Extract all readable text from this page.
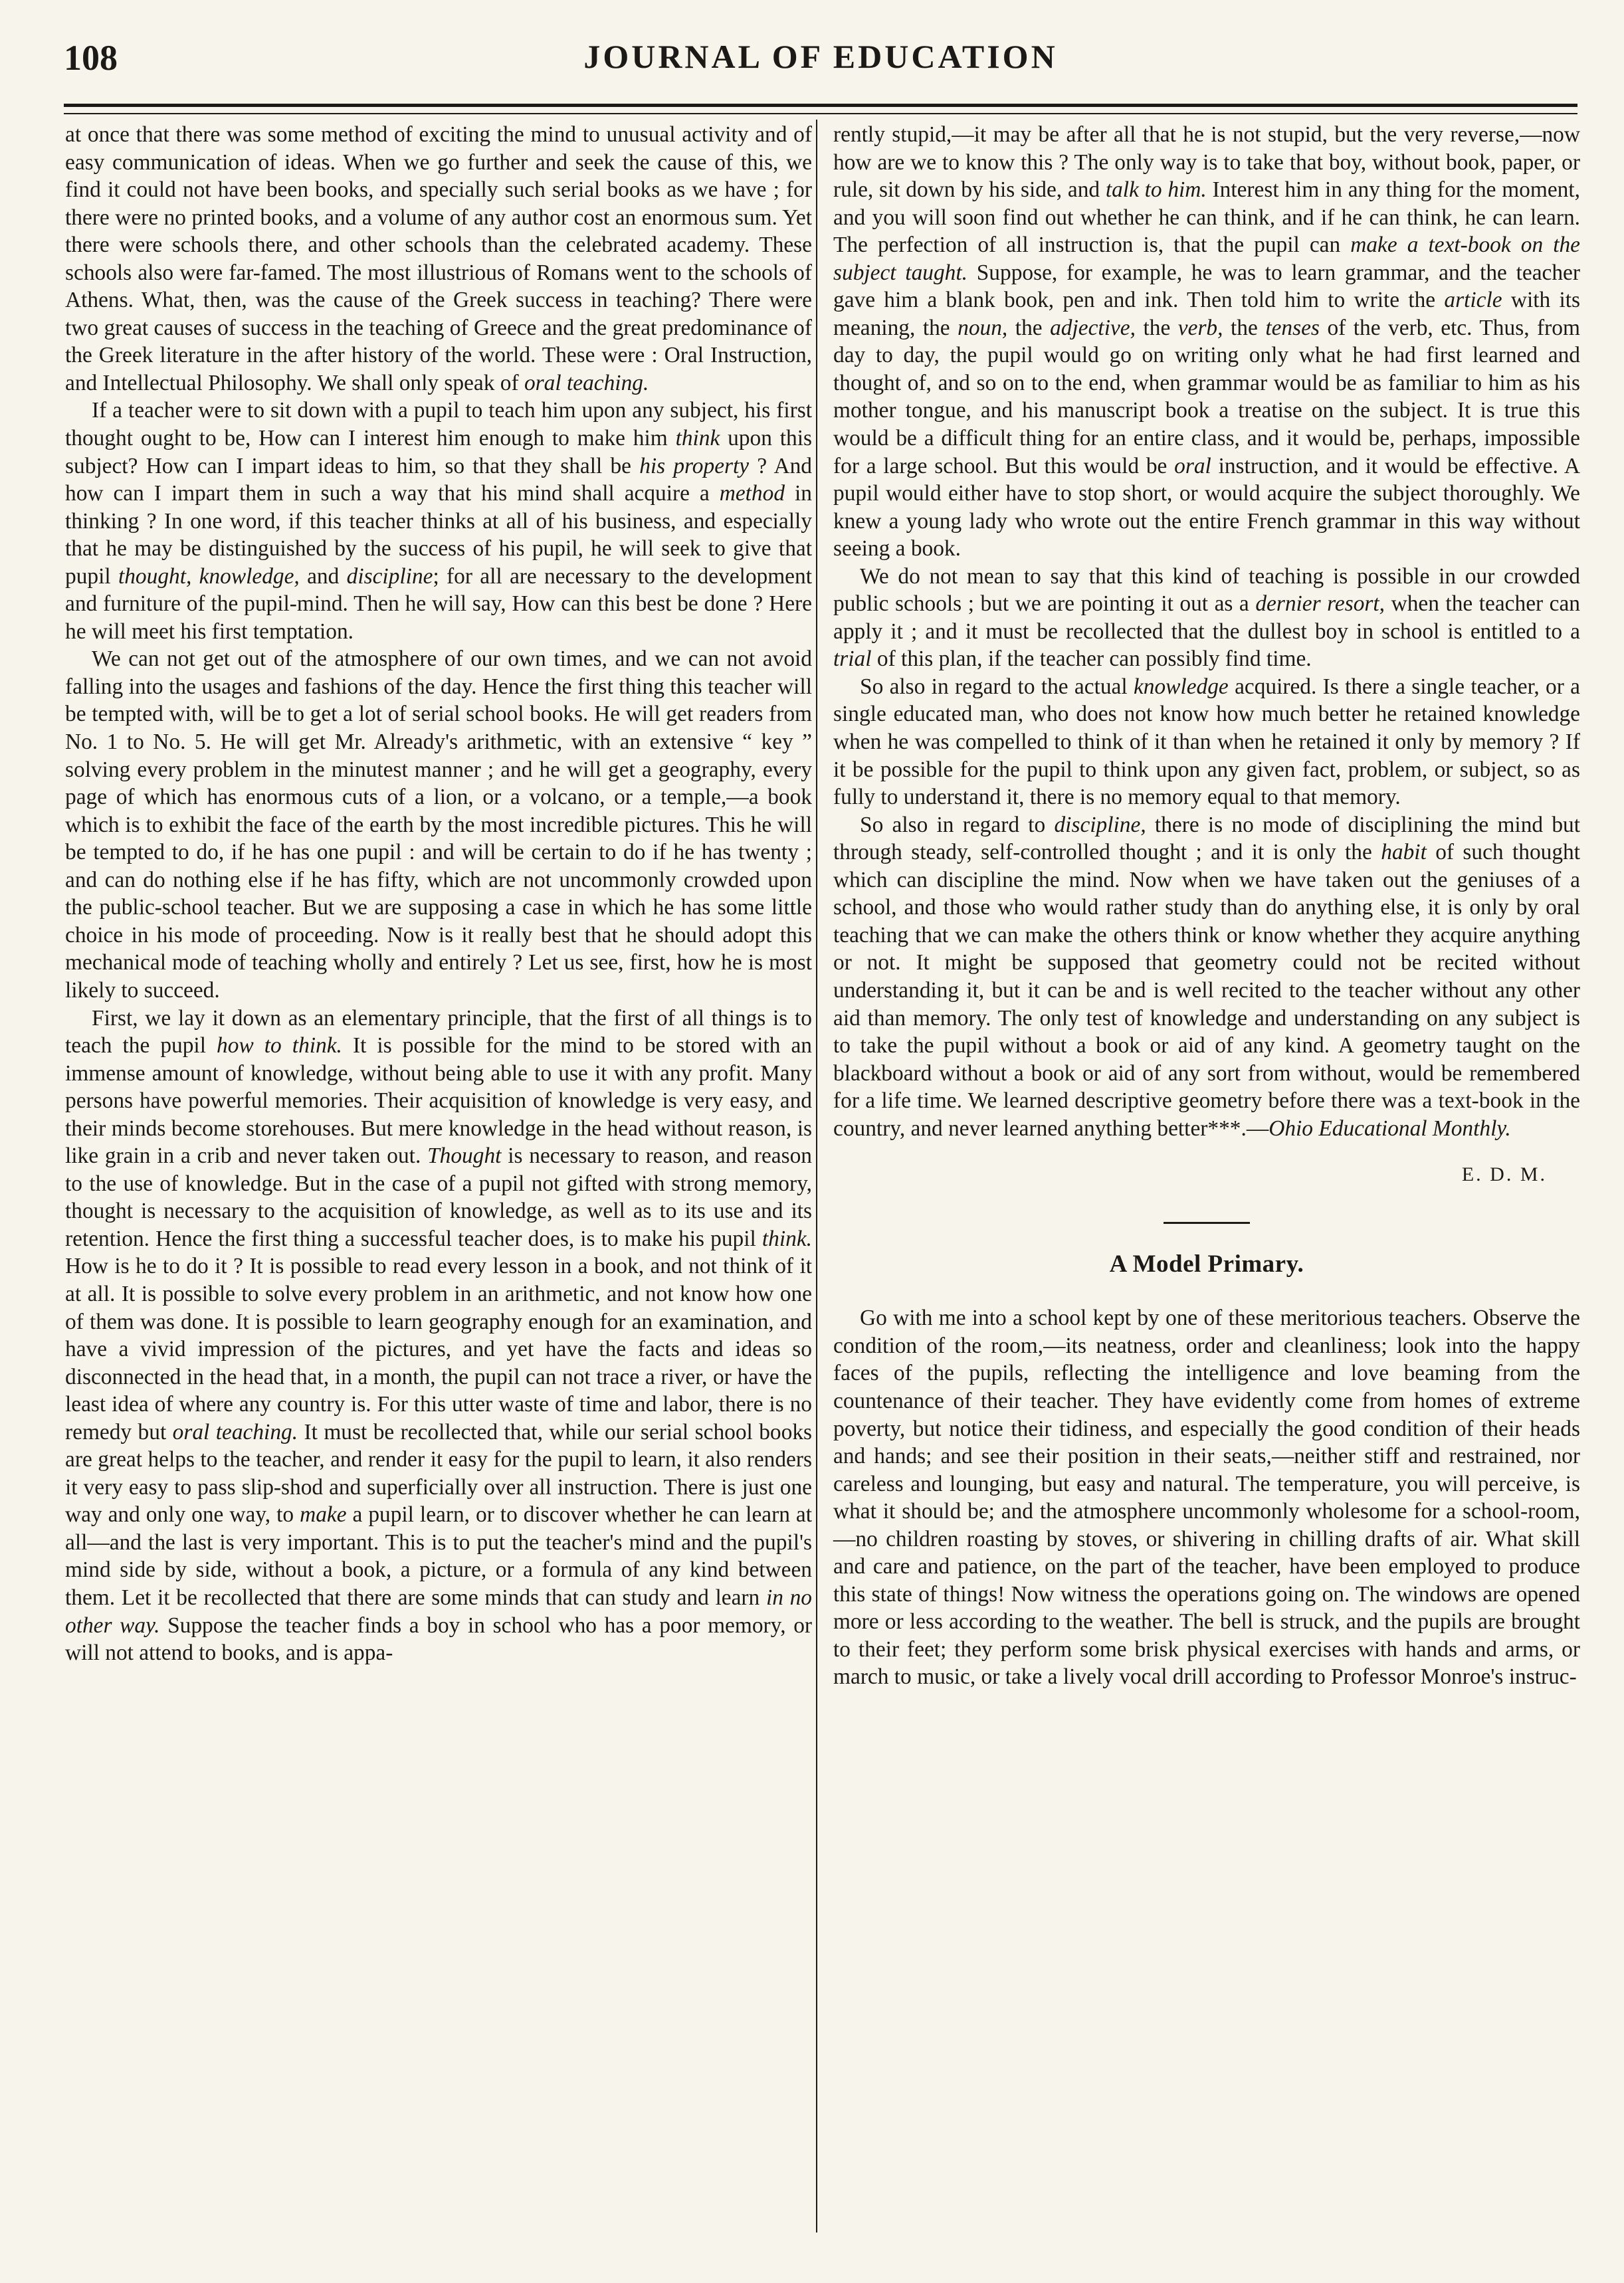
108	JOURNAL OF EDUCATION

at once that there was some method of exciting the mind to unusual activity and of easy communication of ideas. When we go further and seek the cause of this, we find it could not have been books, and specially such serial books as we have ; for there were no printed books, and a volume of any author cost an enormous sum. Yet there were schools there, and other schools than the celebrated academy. These schools also were far-famed. The most illustrious of Romans went to the schools of Athens. What, then, was the cause of the Greek success in teaching? There were two great causes of success in the teaching of Greece and the great predominance of the Greek literature in the after history of the world. These were : Oral Instruction, and Intellectual Philosophy. We shall only speak of oral teaching.

If a teacher were to sit down with a pupil to teach him upon any subject, his first thought ought to be, How can I interest him enough to make him think upon this subject? How can I impart ideas to him, so that they shall be his property ? And how can I impart them in such a way that his mind shall acquire a method in thinking ? In one word, if this teacher thinks at all of his business, and especially that he may be distinguished by the success of his pupil, he will seek to give that pupil thought, knowledge, and discipline; for all are necessary to the development and furniture of the pupil-mind. Then he will say, How can this best be done ? Here he will meet his first temptation.

We can not get out of the atmosphere of our own times, and we can not avoid falling into the usages and fashions of the day. Hence the first thing this teacher will be tempted with, will be to get a lot of serial school books. He will get readers from No. 1 to No. 5. He will get Mr. Already's arithmetic, with an extensive “ key ” solving every problem in the minutest manner ; and he will get a geography, every page of which has enormous cuts of a lion, or a volcano, or a temple,—a book which is to exhibit the face of the earth by the most incredible pictures. This he will be tempted to do, if he has one pupil : and will be certain to do if he has twenty ; and can do nothing else if he has fifty, which are not uncommonly crowded upon the public-school teacher. But we are supposing a case in which he has some little choice in his mode of proceeding. Now is it really best that he should adopt this mechanical mode of teaching wholly and entirely ? Let us see, first, how he is most likely to succeed.

First, we lay it down as an elementary principle, that the first of all things is to teach the pupil how to think. It is possible for the mind to be stored with an immense amount of knowledge, without being able to use it with any profit. Many persons have powerful memories. Their acquisition of knowledge is very easy, and their minds become storehouses. But mere knowledge in the head without reason, is like grain in a crib and never taken out. Thought is necessary to reason, and reason to the use of knowledge. But in the case of a pupil not gifted with strong memory, thought is necessary to the acquisition of knowledge, as well as to its use and its retention. Hence the first thing a successful teacher does, is to make his pupil think. How is he to do it ? It is possible to read every lesson in a book, and not think of it at all. It is possible to solve every problem in an arithmetic, and not know how one of them was done. It is possible to learn geography enough for an examination, and have a vivid impression of the pictures, and yet have the facts and ideas so disconnected in the head that, in a month, the pupil can not trace a river, or have the least idea of where any country is. For this utter waste of time and labor, there is no remedy but oral teaching. It must be recollected that, while our serial school books are great helps to the teacher, and render it easy for the pupil to learn, it also renders it very easy to pass slip-shod and superficially over all instruction. There is just one way and only one way, to make a pupil learn, or to discover whether he can learn at all—and the last is very important. This is to put the teacher's mind and the pupil's mind side by side, without a book, a picture, or a formula of any kind between them. Let it be recollected that there are some minds that can study and learn in no other way. Suppose the teacher finds a boy in school who has a poor memory, or will not attend to books, and is appa-

rently stupid,—it may be after all that he is not stupid, but the very reverse,—now how are we to know this ? The only way is to take that boy, without book, paper, or rule, sit down by his side, and talk to him. Interest him in any thing for the moment, and you will soon find out whether he can think, and if he can think, he can learn. The perfection of all instruction is, that the pupil can make a text-book on the subject taught. Suppose, for example, he was to learn grammar, and the teacher gave him a blank book, pen and ink. Then told him to write the article with its meaning, the noun, the adjective, the verb, the tenses of the verb, etc. Thus, from day to day, the pupil would go on writing only what he had first learned and thought of, and so on to the end, when grammar would be as familiar to him as his mother tongue, and his manuscript book a treatise on the subject. It is true this would be a difficult thing for an entire class, and it would be, perhaps, impossible for a large school. But this would be oral instruction, and it would be effective. A pupil would either have to stop short, or would acquire the subject thoroughly. We knew a young lady who wrote out the entire French grammar in this way without seeing a book.

We do not mean to say that this kind of teaching is possible in our crowded public schools ; but we are pointing it out as a dernier resort, when the teacher can apply it ; and it must be recollected that the dullest boy in school is entitled to a trial of this plan, if the teacher can possibly find time.

So also in regard to the actual knowledge acquired. Is there a single teacher, or a single educated man, who does not know how much better he retained knowledge when he was compelled to think of it than when he retained it only by memory ? If it be possible for the pupil to think upon any given fact, problem, or subject, so as fully to understand it, there is no memory equal to that memory.

So also in regard to discipline, there is no mode of disciplining the mind but through steady, self-controlled thought ; and it is only the habit of such thought which can discipline the mind. Now when we have taken out the geniuses of a school, and those who would rather study than do anything else, it is only by oral teaching that we can make the others think or know whether they acquire anything or not. It might be supposed that geometry could not be recited without understanding it, but it can be and is well recited to the teacher without any other aid than memory. The only test of knowledge and understanding on any subject is to take the pupil without a book or aid of any kind. A geometry taught on the blackboard without a book or aid of any sort from without, would be remembered for a life time. We learned descriptive geometry before there was a text-book in the country, and never learned anything better***.—Ohio Educational Monthly.

E. D. M.

A Model Primary.

Go with me into a school kept by one of these meritorious teachers. Observe the condition of the room,—its neatness, order and cleanliness; look into the happy faces of the pupils, reflecting the intelligence and love beaming from the countenance of their teacher. They have evidently come from homes of extreme poverty, but notice their tidiness, and especially the good condition of their heads and hands; and see their position in their seats,—neither stiff and restrained, nor careless and lounging, but easy and natural. The temperature, you will perceive, is what it should be; and the atmosphere uncommonly wholesome for a school-room,—no children roasting by stoves, or shivering in chilling drafts of air. What skill and care and patience, on the part of the teacher, have been employed to produce this state of things! Now witness the operations going on. The windows are opened more or less according to the weather. The bell is struck, and the pupils are brought to their feet; they perform some brisk physical exercises with hands and arms, or march to music, or take a lively vocal drill according to Professor Monroe's instruc-
